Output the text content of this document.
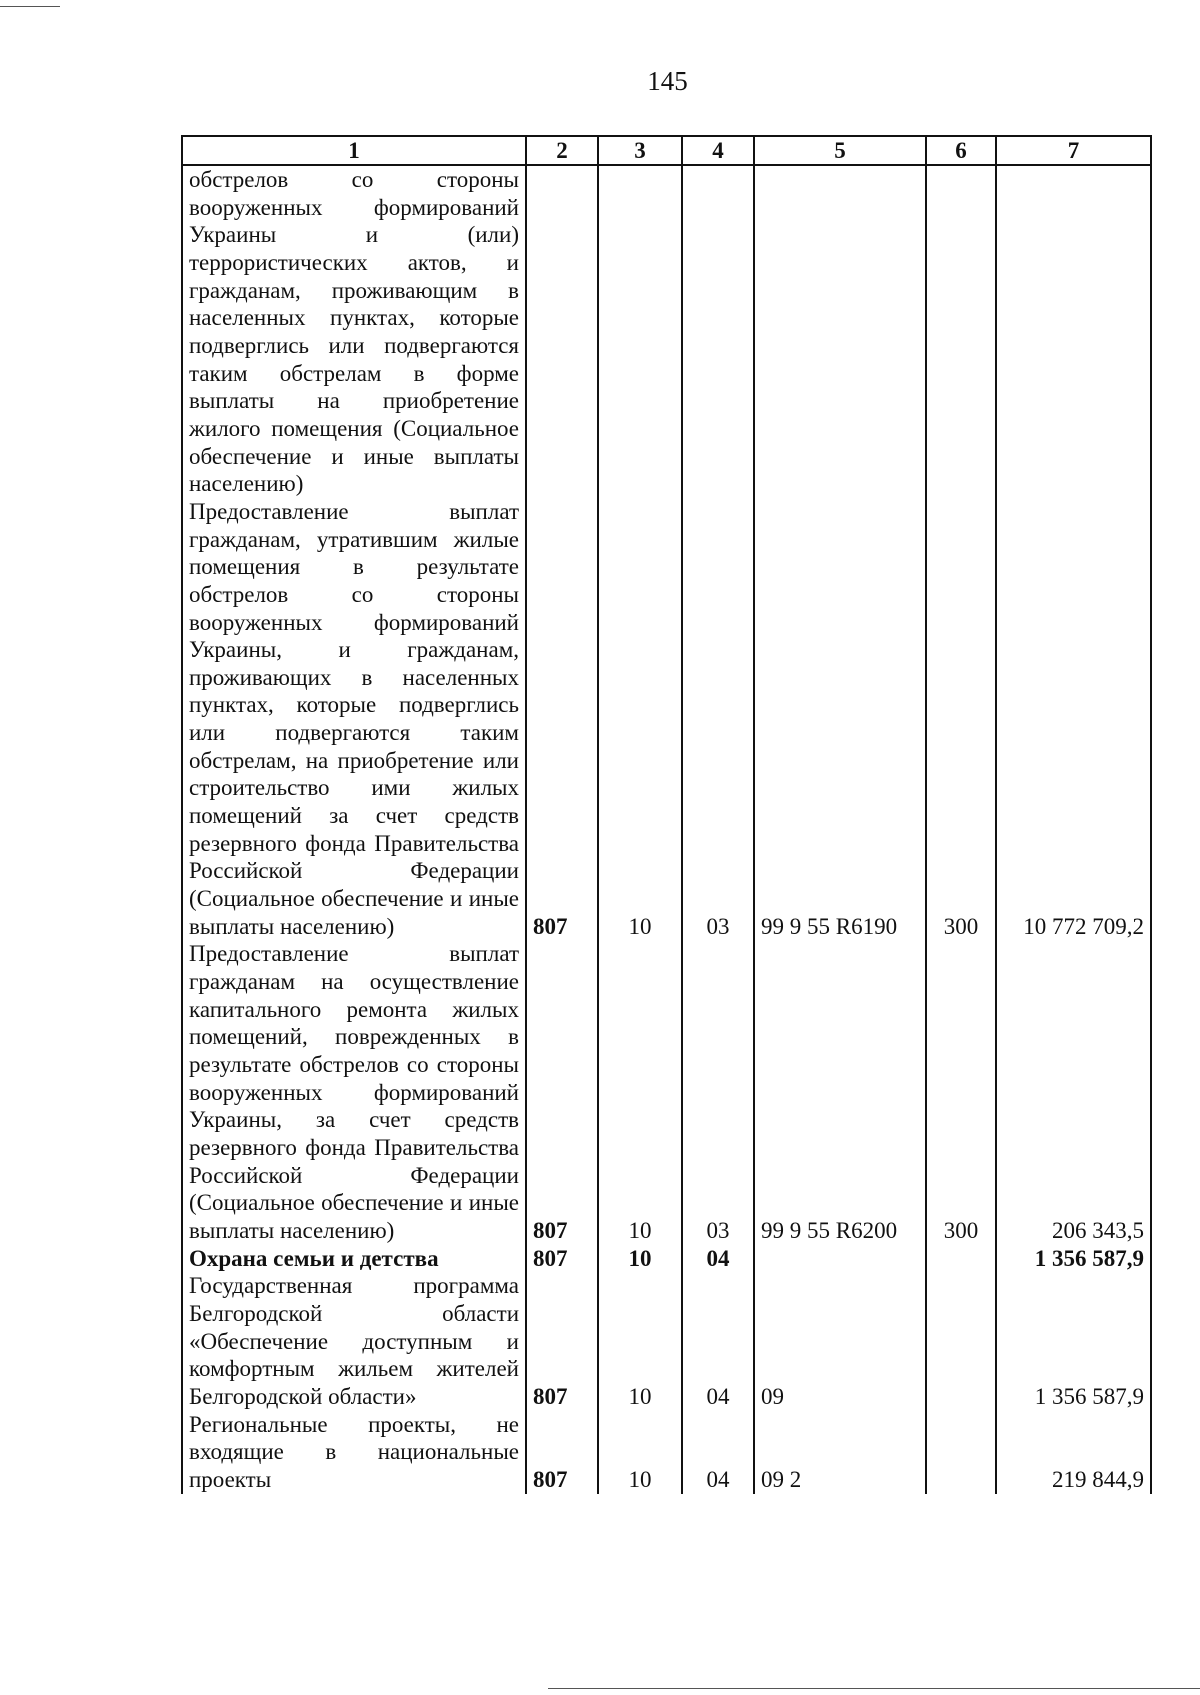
145
1	2	3	4	5	6	7
обстрелов со стороны вооруженных формирований Украины и (или) террористических актов, и гражданам, проживающим в населенных пунктах, которые подверглись или подвергаются таким обстрелам в форме выплаты на приобретение жилого помещения (Социальное обеспечение и иные выплаты населению)						
Предоставление выплат гражданам, утратившим жилые помещения в результате обстрелов со стороны вооруженных формирований Украины, и гражданам, проживающих в населенных пунктах, которые подверглись или подвергаются таким обстрелам, на приобретение или строительство ими жилых помещений за счет средств резервного фонда Правительства Российской Федерации (Социальное обеспечение и иные выплаты населению)	807	10	03	99 9 55 R6190	300	10 772 709,2
Предоставление выплат гражданам на осуществление капитального ремонта жилых помещений, поврежденных в результате обстрелов со стороны вооруженных формирований Украины, за счет средств резервного фонда Правительства Российской Федерации (Социальное обеспечение и иные выплаты населению)	807	10	03	99 9 55 R6200	300	206 343,5
Охрана семьи и детства	807	10	04			1 356 587,9
Государственная программа Белгородской области «Обеспечение доступным и комфортным жильем жителей Белгородской области»	807	10	04	09		1 356 587,9
Региональные проекты, не входящие в национальные проекты	807	10	04	09 2		219 844,9
